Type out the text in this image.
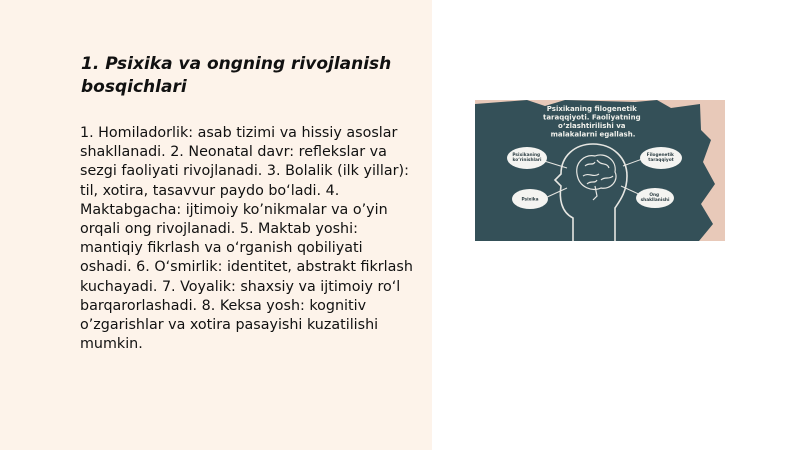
1. Psixika va ongning rivojlanish bosqichlari

1. Homiladorlik: asab tizimi va hissiy asoslar shakllanadi. 2. Neonatal davr: reflekslar va sezgi faoliyati rivojlanadi. 3. Bolalik (ilk yillar): til, xotira, tasavvur paydo bo‘ladi. 4. Maktabgacha: ijtimoiy ko’nikmalar va o’yin orqali ong rivojlanadi. 5. Maktab yoshi: mantiqiy fikrlash va o‘rganish qobiliyati oshadi. 6. O‘smirlik: identitet, abstrakt fikrlash kuchayadi. 7. Voyalik: shaxsiy va ijtimoiy ro‘l barqarorlashadi. 8. Keksa yosh: kognitiv o’zgarishlar va xotira pasayishi kuzatilishi mumkin.

Psixikaning filogenetik taraqqiyoti. Faoliyatning o‘zlashtirilishi va malakalarni egallash.
Psixikaning ko‘rinishlari
Psixika
Filogenetik taraqqiyot
Ong shakllanishi
